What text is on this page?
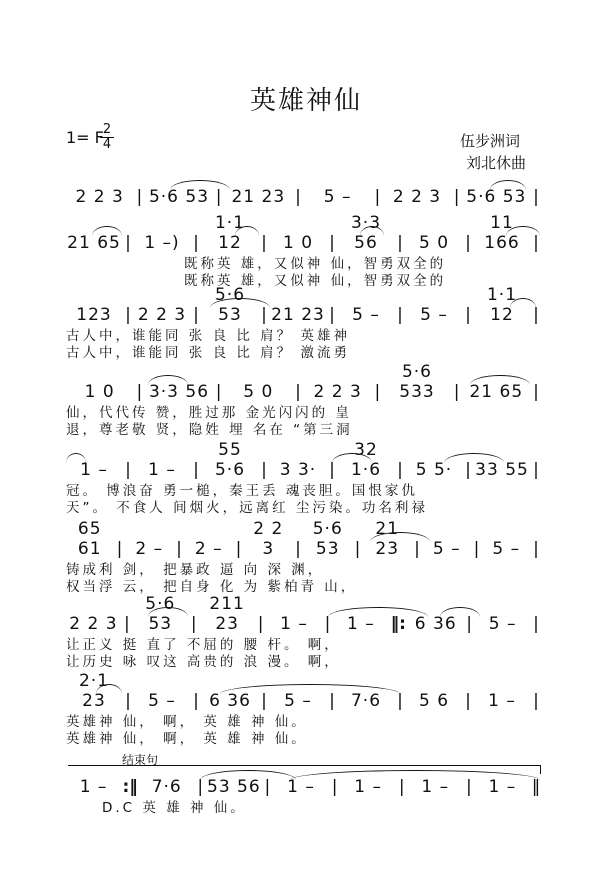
英雄神仙
1= F
2
4	伍步洲词
刘北休曲
结束句
2 2 3 | 5·6 53 | 21 23 |	5 –	| 2 2 3 | 5·6 53 |
21 65 | 1 –) |
1·1 12	| 1 0 |
3·3 56	| 5 0 |
11 166 |
既称英 雄，又似神 仙，智勇双全的
既称英 雄，又似神 仙，智勇双全的
123 | 2 2 3 |
5·6 53	| 21 23 |	5 –	|	5 –	|
1·1 12	|
古人中，谁能同 张 良 比 肩？ 英雄神
古人中，谁能同 张 良 比 肩？ 激流勇
1 0	| 3·3 56 |	5 0	| 2 2 3 |
5·6 533	| 21 65 |
仙，代代传 赞，胜过那 金光闪闪的 皇
退，尊老敬 贤，隐姓 埋 名在 “第三洞
1 –	|	1 –	|
55 5·6 | 3 3· |
32 1·6 | 5 5· | 33 55 |
冠。 博浪奋 勇一槌，秦王丢 魂丧胆。国恨家仇
天”。 不食人 间烟火，远离红 尘污染。功名利禄
65 61 | 2 – | 2 – |
2 2 3	|
5·6 53 |
21 23 | 5 – | 5 – |
铸成利 剑， 把暴政 逼 向 深 渊，
权当浮 云， 把自身 化 为 紫柏青 山，
2 2 3 |
5·6 53	|
211 23	| 1 – | 1 – ‖: 6 36 | 5 – |
让正义 挺 直了 不屈的 腰 杆。 啊，
让历史 咏 叹这 高贵的 浪 漫。 啊，
2·1 23	|	5 –	| 6 36 |	5 –	| 7·6 | 5 6 |	1 –	|
英雄神 仙， 啊， 英 雄 神 仙。
英雄神 仙， 啊， 英 雄 神 仙。
1 – :‖ 7·6 | 53 56 | 1 – | 1 – | 1 – | 1 – ‖
D.C 英 雄 神 仙。
